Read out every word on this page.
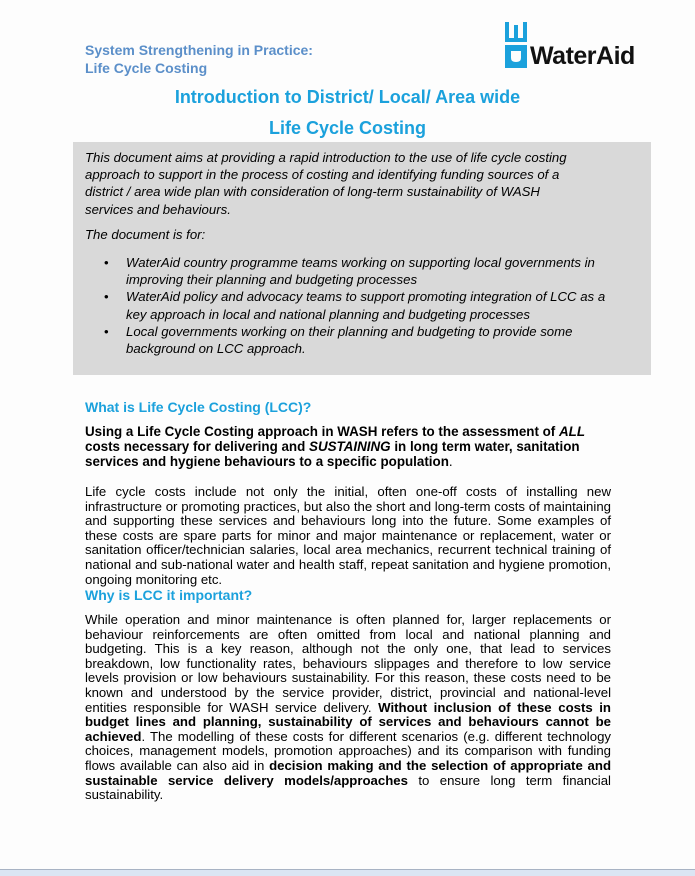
System Strengthening in Practice:
Life Cycle Costing	WaterAid
Introduction to District/ Local/ Area wide
Life Cycle Costing

This document aims at providing a rapid introduction to the use of life cycle costing approach to support in the process of costing and identifying funding sources of a district / area wide plan with consideration of long-term sustainability of WASH services and behaviours.

The document is for:

• WaterAid country programme teams working on supporting local governments in improving their planning and budgeting processes
• WaterAid policy and advocacy teams to support promoting integration of LCC as a key approach in local and national planning and budgeting processes
• Local governments working on their planning and budgeting to provide some background on LCC approach.
What is Life Cycle Costing (LCC)?
Using a Life Cycle Costing approach in WASH refers to the assessment of ALL costs necessary for delivering and SUSTAINING in long term water, sanitation services and hygiene behaviours to a specific population.
Life cycle costs include not only the initial, often one-off costs of installing new infrastructure or promoting practices, but also the short and long-term costs of maintaining and supporting these services and behaviours long into the future. Some examples of these costs are spare parts for minor and major maintenance or replacement, water or sanitation officer/technician salaries, local area mechanics, recurrent technical training of national and sub-national water and health staff, repeat sanitation and hygiene promotion, ongoing monitoring etc.
Why is LCC it important?
While operation and minor maintenance is often planned for, larger replacements or behaviour reinforcements are often omitted from local and national planning and budgeting. This is a key reason, although not the only one, that lead to services breakdown, low functionality rates, behaviours slippages and therefore to low service levels provision or low behaviours sustainability. For this reason, these costs need to be known and understood by the service provider, district, provincial and national-level entities responsible for WASH service delivery. Without inclusion of these costs in budget lines and planning, sustainability of services and behaviours cannot be achieved. The modelling of these costs for different scenarios (e.g. different technology choices, management models, promotion approaches) and its comparison with funding flows available can also aid in decision making and the selection of appropriate and sustainable service delivery models/approaches to ensure long term financial sustainability.
